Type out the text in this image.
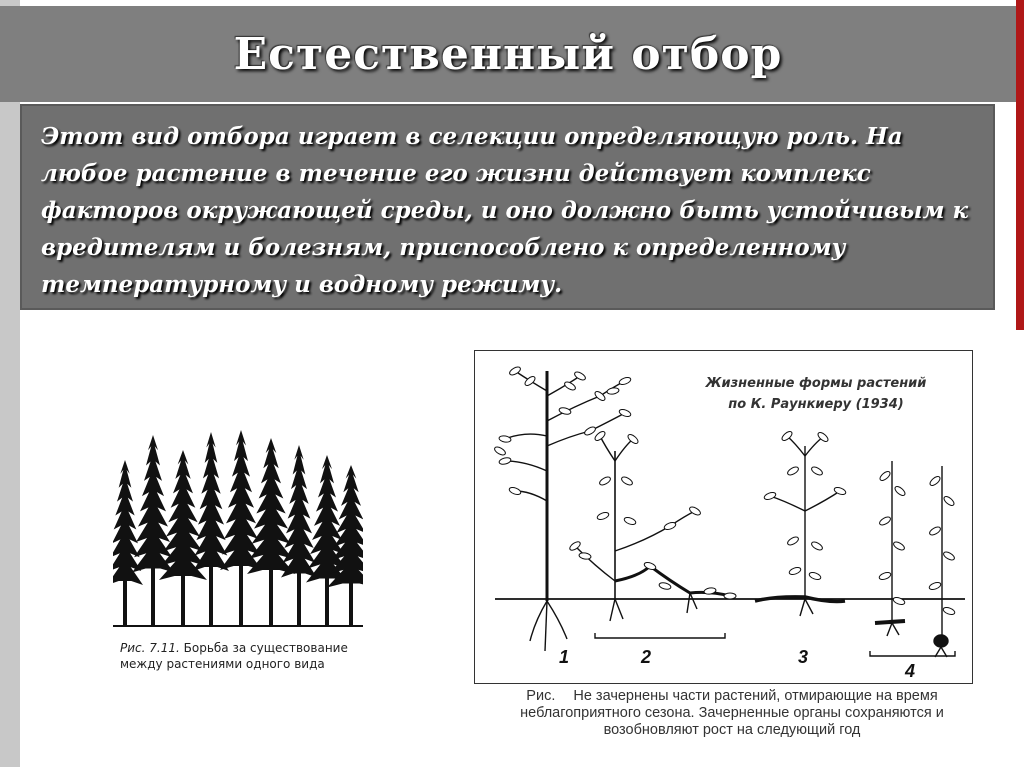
Естественный отбор

Этот вид отбора играет в селекции определяющую роль. На любое растение в течение его жизни действует комплекс факторов окружающей среды, и оно должно быть устойчивым к вредителям и болезням, приспособлено к определенному температурному и водному режиму.

Рис. 7.11. Борьба за существование между растениями одного вида	1	2	3
4

Жизненные формы растений
по К. Раункиеру (1934)

Рис. Не зачернены части растений, отмирающие на время неблагоприятного сезона. Зачерненные органы сохраняются и возобновляют рост на следующий год
